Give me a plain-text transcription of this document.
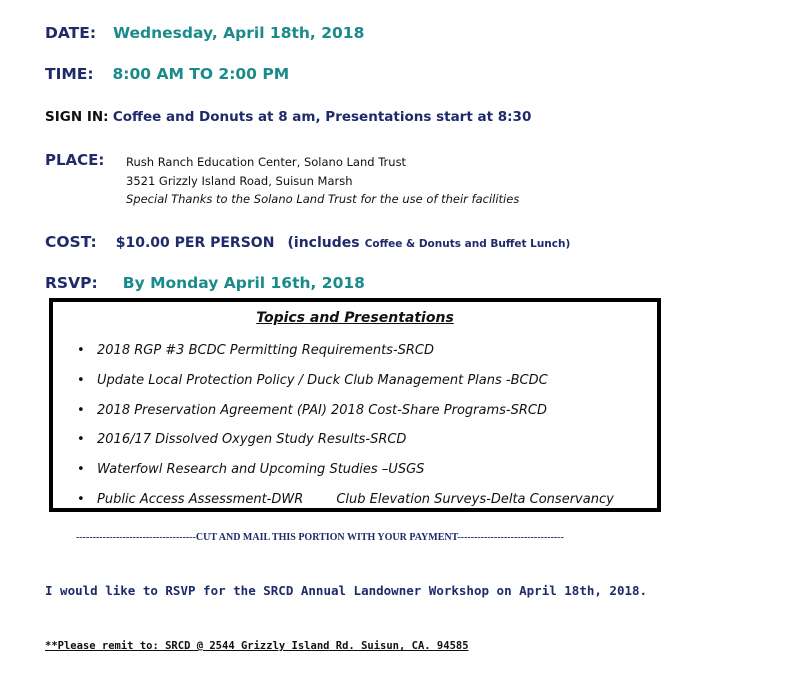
DATE: Wednesday, April 18th, 2018
TIME: 8:00 AM TO 2:00 PM
SIGN IN: Coffee and Donuts at 8 am, Presentations start at 8:30
PLACE: Rush Ranch Education Center, Solano Land Trust
3521 Grizzly Island Road, Suisun Marsh
Special Thanks to the Solano Land Trust for the use of their facilities
COST: $10.00 PER PERSON (includes Coffee & Donuts and Buffet Lunch)
RSVP: By Monday April 16th, 2018
Topics and Presentations
• 2018 RGP #3 BCDC Permitting Requirements-SRCD
• Update Local Protection Policy / Duck Club Management Plans -BCDC
• 2018 Preservation Agreement (PAI) 2018 Cost-Share Programs-SRCD
• 2016/17 Dissolved Oxygen Study Results-SRCD
• Waterfowl Research and Upcoming Studies –USGS
• Public Access Assessment-DWR        Club Elevation Surveys-Delta Conservancy
------------------------------------CUT AND MAIL THIS PORTION WITH YOUR PAYMENT--------------------------------
I would like to RSVP for the SRCD Annual Landowner Workshop on April 18th, 2018.
**Please remit to: SRCD @ 2544 Grizzly Island Rd. Suisun, CA. 94585
